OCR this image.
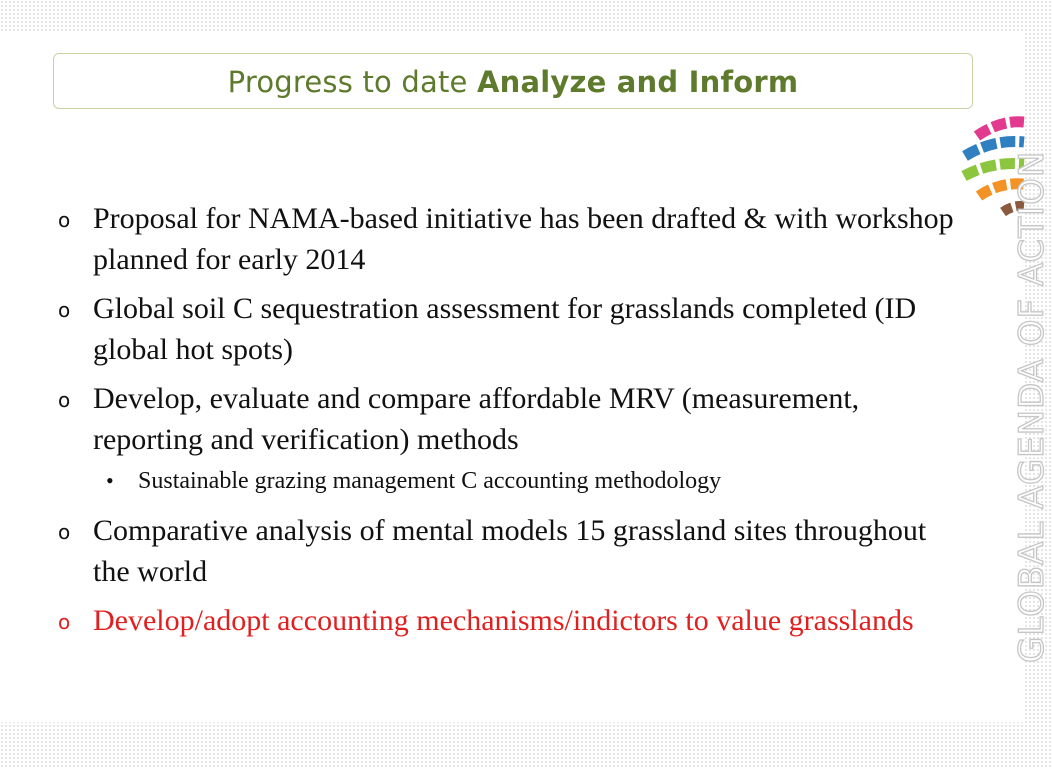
Progress to date Analyze and Inform
o Proposal for NAMA-based initiative has been drafted & with workshop planned for early 2014
o Global soil C sequestration assessment for grasslands completed (ID global hot spots)
o Develop, evaluate and compare affordable MRV (measurement, reporting and verification) methods
• Sustainable grazing management C accounting methodology
o Comparative analysis of mental models 15 grassland sites throughout the world
o Develop/adopt accounting mechanisms/indictors to value grasslands	GLOBAL AGENDA OF ACTION
